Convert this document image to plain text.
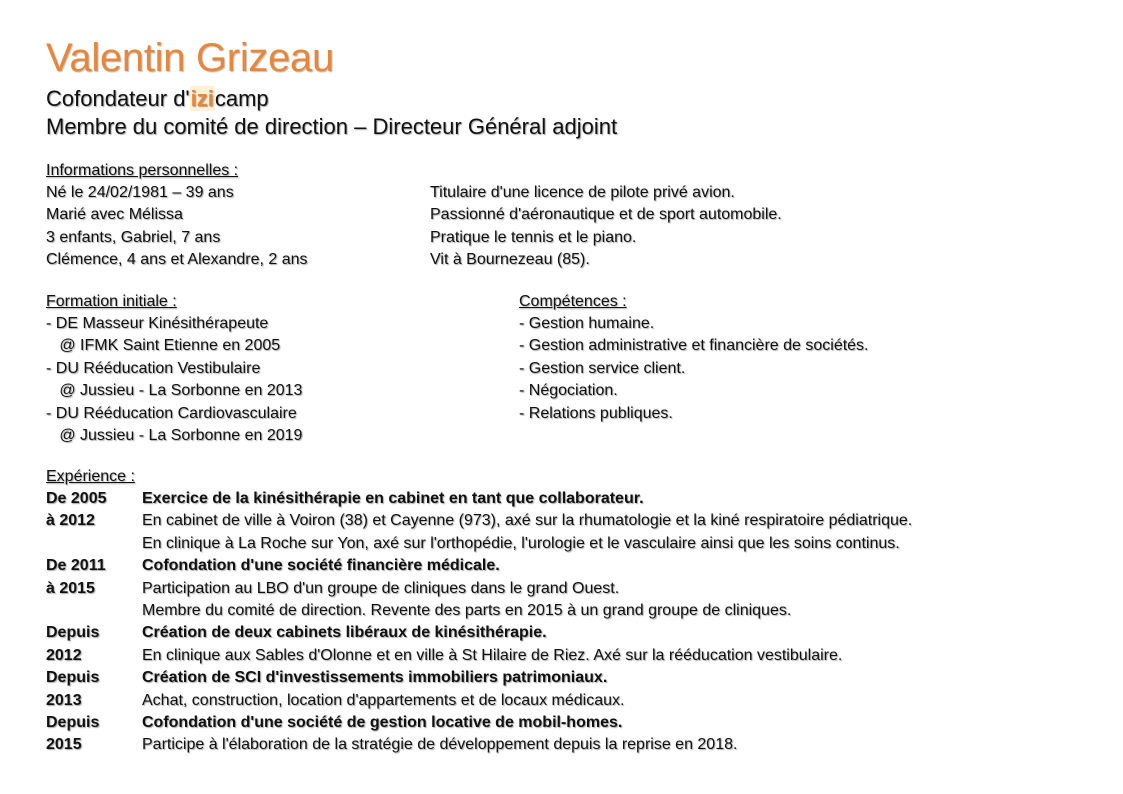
Valentin Grizeau

Cofondateur d'izicamp

Membre du comité de direction – Directeur Général adjoint

Informations personnelles :
Né le 24/02/1981 – 39 ans
Marié avec Mélissa
3 enfants, Gabriel, 7 ans
Clémence, 4 ans et Alexandre, 2 ans
Titulaire d'une licence de pilote privé avion.
Passionné d'aéronautique et de sport automobile.
Pratique le tennis et le piano.
Vit à Bournezeau (85).
Formation initiale :
- DE Masseur Kinésithérapeute
@ IFMK Saint Etienne en 2005
- DU Rééducation Vestibulaire
@ Jussieu - La Sorbonne en 2013
- DU Rééducation Cardiovasculaire
@ Jussieu - La Sorbonne en 2019
Compétences :
- Gestion humaine.
- Gestion administrative et financière de sociétés.
- Gestion service client.
- Négociation.
- Relations publiques.
Expérience :
De 2005	Exercice de la kinésithérapie en cabinet en tant que collaborateur.
à 2012	En cabinet de ville à Voiron (38) et Cayenne (973), axé sur la rhumatologie et la kiné respiratoire pédiatrique.
En clinique à La Roche sur Yon, axé sur l'orthopédie, l'urologie et le vasculaire ainsi que les soins continus.
De 2011	Cofondation d'une société financière médicale.
à 2015	Participation au LBO d'un groupe de cliniques dans le grand Ouest.
Membre du comité de direction. Revente des parts en 2015 à un grand groupe de cliniques.
Depuis	Création de deux cabinets libéraux de kinésithérapie.
2012	En clinique aux Sables d'Olonne et en ville à St Hilaire de Riez. Axé sur la rééducation vestibulaire.
Depuis	Création de SCI d'investissements immobiliers patrimoniaux.
2013	Achat, construction, location d'appartements et de locaux médicaux.
Depuis	Cofondation d'une société de gestion locative de mobil-homes.
2015	Participe à l'élaboration de la stratégie de développement depuis la reprise en 2018.
